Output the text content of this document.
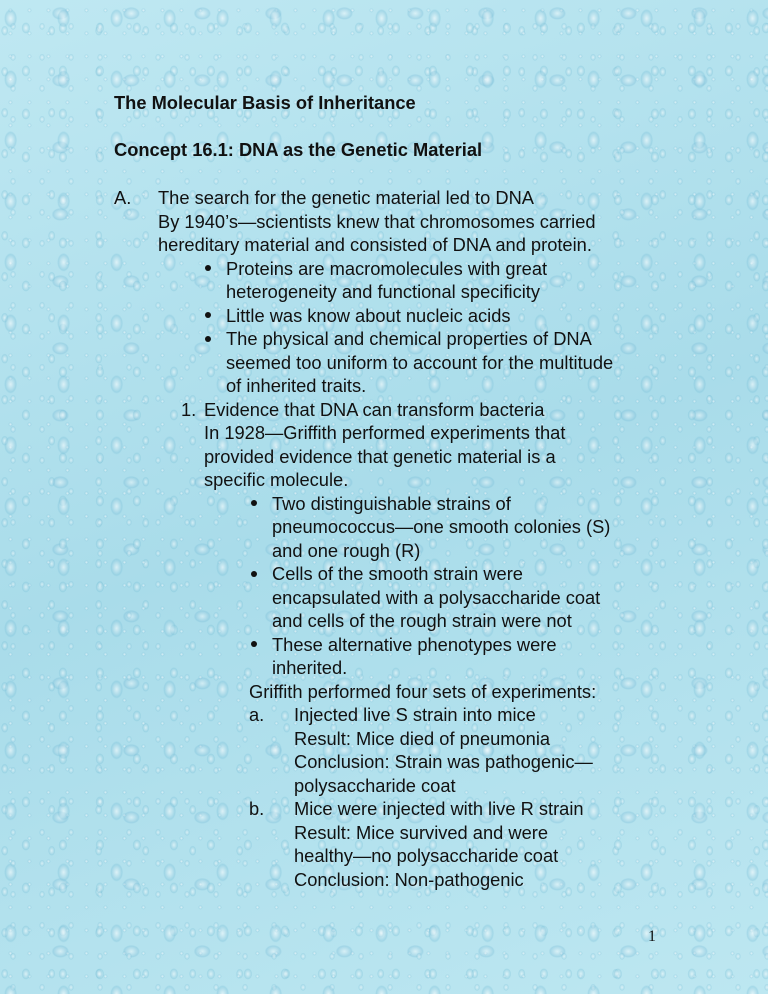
The Molecular Basis of Inheritance
Concept 16.1: DNA as the Genetic Material
A. The search for the genetic material led to DNA
By 1940’s—scientists knew that chromosomes carried
hereditary material and consisted of DNA and protein.
Proteins are macromolecules with great
heterogeneity and functional specificity
Little was know about nucleic acids
The physical and chemical properties of DNA
seemed too uniform to account for the multitude
of inherited traits.
1. Evidence that DNA can transform bacteria
In 1928—Griffith performed experiments that
provided evidence that genetic material is a
specific molecule.
Two distinguishable strains of
pneumococcus—one smooth colonies (S)
and one rough (R)
Cells of the smooth strain were
encapsulated with a polysaccharide coat
and cells of the rough strain were not
These alternative phenotypes were
inherited.
Griffith performed four sets of experiments:
a. Injected live S strain into mice
Result: Mice died of pneumonia
Conclusion: Strain was pathogenic—
polysaccharide coat
b. Mice were injected with live R strain
Result: Mice survived and were
healthy—no polysaccharide coat
Conclusion: Non-pathogenic
1
